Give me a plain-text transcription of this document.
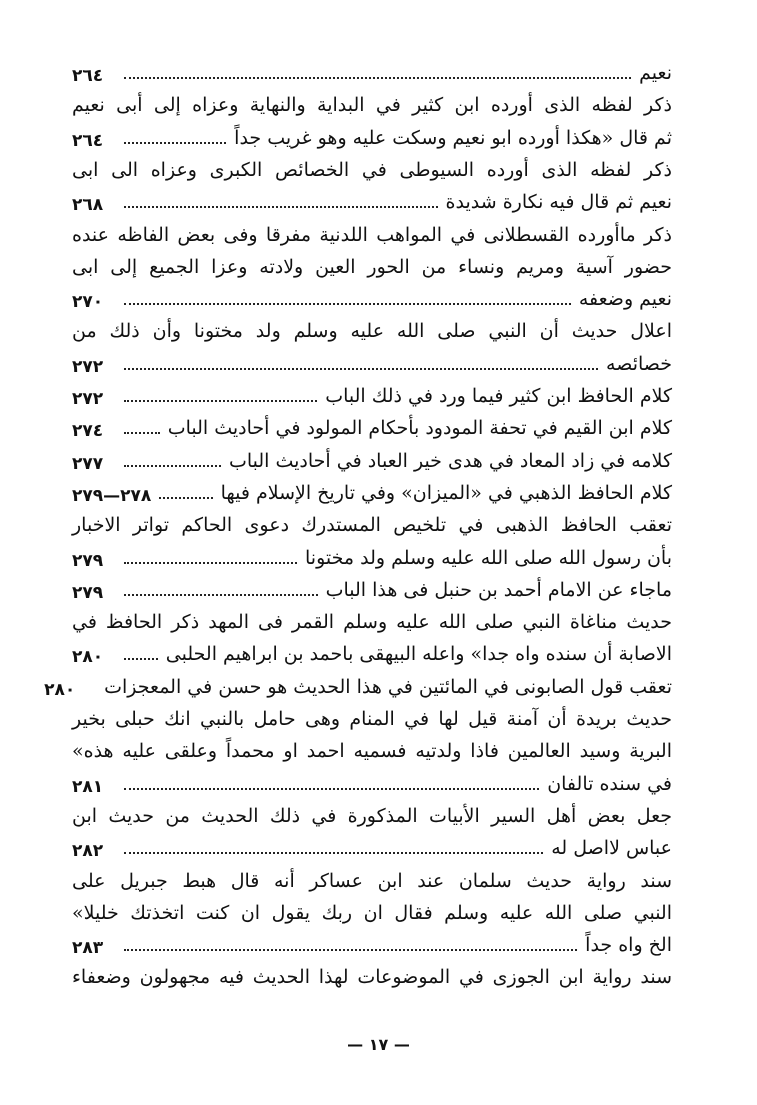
نعيم
٢٦٤
ذكر لفظه الذى أورده ابن كثير في البداية والنهاية وعزاه إلى أبى نعيم
ثم قال «هكذا أورده ابو نعيم وسكت عليه وهو غريب جداً
٢٦٤
ذكر لفظه الذى أورده السيوطى في الخصائص الكبرى وعزاه الى ابى
نعيم ثم قال فيه نكارة شديدة
٢٦٨
ذكر ماأورده القسطلانى في المواهب اللدنية مفرقا وفى بعض الفاظه عنده
حضور آسية ومريم ونساء من الحور العين ولادته وعزا الجميع إلى ابى
نعيم وضعفه
٢٧٠
اعلال حديث أن النبي صلى الله عليه وسلم ولد مختونا وأن ذلك من
خصائصه
٢٧٢
كلام الحافظ ابن كثير فيما ورد في ذلك الباب
٢٧٢
كلام ابن القيم في تحفة المودود بأحكام المولود في أحاديث الباب
٢٧٤
كلامه في زاد المعاد في هدى خير العباد في أحاديث الباب
٢٧٧
كلام الحافظ الذهبي في «الميزان» وفي تاريخ الإسلام فيها
٢٧٨—٢٧٩
تعقب الحافظ الذهبى في تلخيص المستدرك دعوى الحاكم تواتر الاخبار
بأن رسول الله صلى الله عليه وسلم ولد مختونا
٢٧٩
ماجاء عن الامام أحمد بن حنبل فى هذا الباب
٢٧٩
حديث مناغاة النبي صلى الله عليه وسلم القمر فى المهد ذكر الحافظ في
الاصابة أن سنده واه جدا» واعله البيهقى باحمد بن ابراهيم الحلبى
٢٨٠
تعقب قول الصابونى في المائتين في هذا الحديث هو حسن في المعجزات
٢٨٠
حديث بريدة أن آمنة قيل لها في المنام وهى حامل بالنبي انك حبلى بخير
البرية وسيد العالمين فاذا ولدتيه فسميه احمد او محمداً وعلقى عليه هذه»
في سنده تالفان
٢٨١
جعل بعض أهل السير الأبيات المذكورة في ذلك الحديث من حديث ابن
عباس لااصل له
٢٨٢
سند رواية حديث سلمان عند ابن عساكر أنه قال هبط جبريل على
النبي صلى الله عليه وسلم فقال ان ربك يقول ان كنت اتخذتك خليلا»
الخ واه جداً
٢٨٣
سند رواية ابن الجوزى في الموضوعات لهذا الحديث فيه مجهولون وضعفاء
— ١٧ —
